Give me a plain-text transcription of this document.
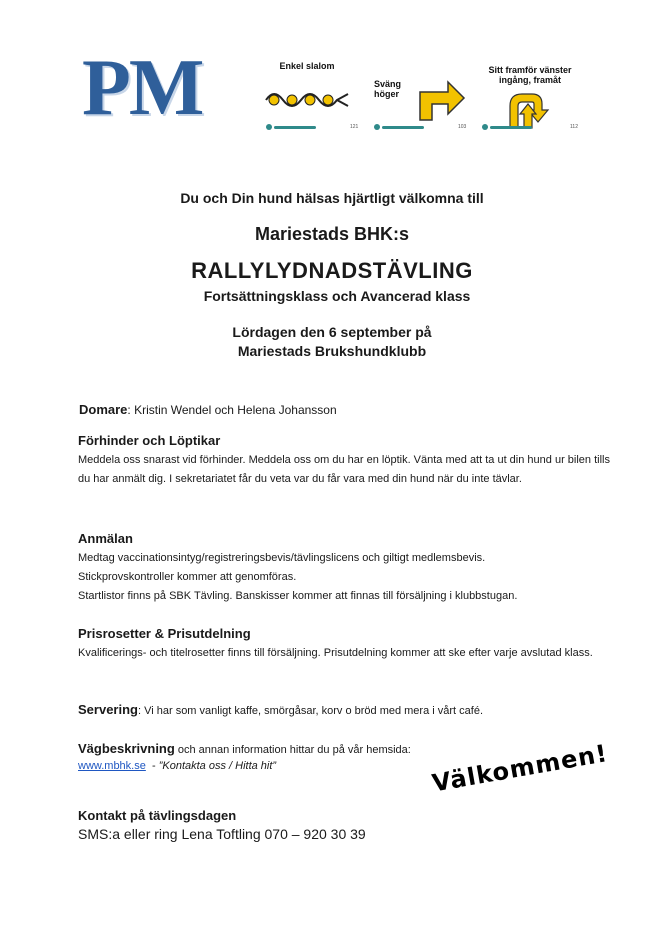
PM	Enkel slalom
121
Sväng
höger
103
Sitt framför vänster
ingång, framåt
112
Du och Din hund hälsas hjärtligt välkomna till
Mariestads BHK:s
RALLYLYDNADSTÄVLING
Fortsättningsklass och Avancerad klass
Lördagen den 6 september på
Mariestads Brukshundklubb
Domare: Kristin Wendel och Helena Johansson

Förhinder och Löptikar

Meddela oss snarast vid förhinder. Meddela oss om du har en löptik. Vänta med att ta ut din hund ur bilen tills du har anmält dig. I sekretariatet får du veta var du får vara med din hund när du inte tävlar.

Anmälan

Medtag vaccinationsintyg/registreringsbevis/tävlingslicens och giltigt medlemsbevis.

Stickprovskontroller kommer att genomföras.

Startlistor finns på SBK Tävling. Banskisser kommer att finnas till försäljning i klubbstugan.

Prisrosetter & Prisutdelning

Kvalificerings- och titelrosetter finns till försäljning. Prisutdelning kommer att ske efter varje avslutad klass.

Servering: Vi har som vanligt kaffe, smörgåsar, korv o bröd med mera i vårt café.
Vägbeskrivning och annan information hittar du på vår hemsida:
www.mbhk.se  - ”Kontakta oss / Hitta hit”	Välkommen!

Kontakt på tävlingsdagen

SMS:a eller ring Lena Toftling 070 – 920 30 39
